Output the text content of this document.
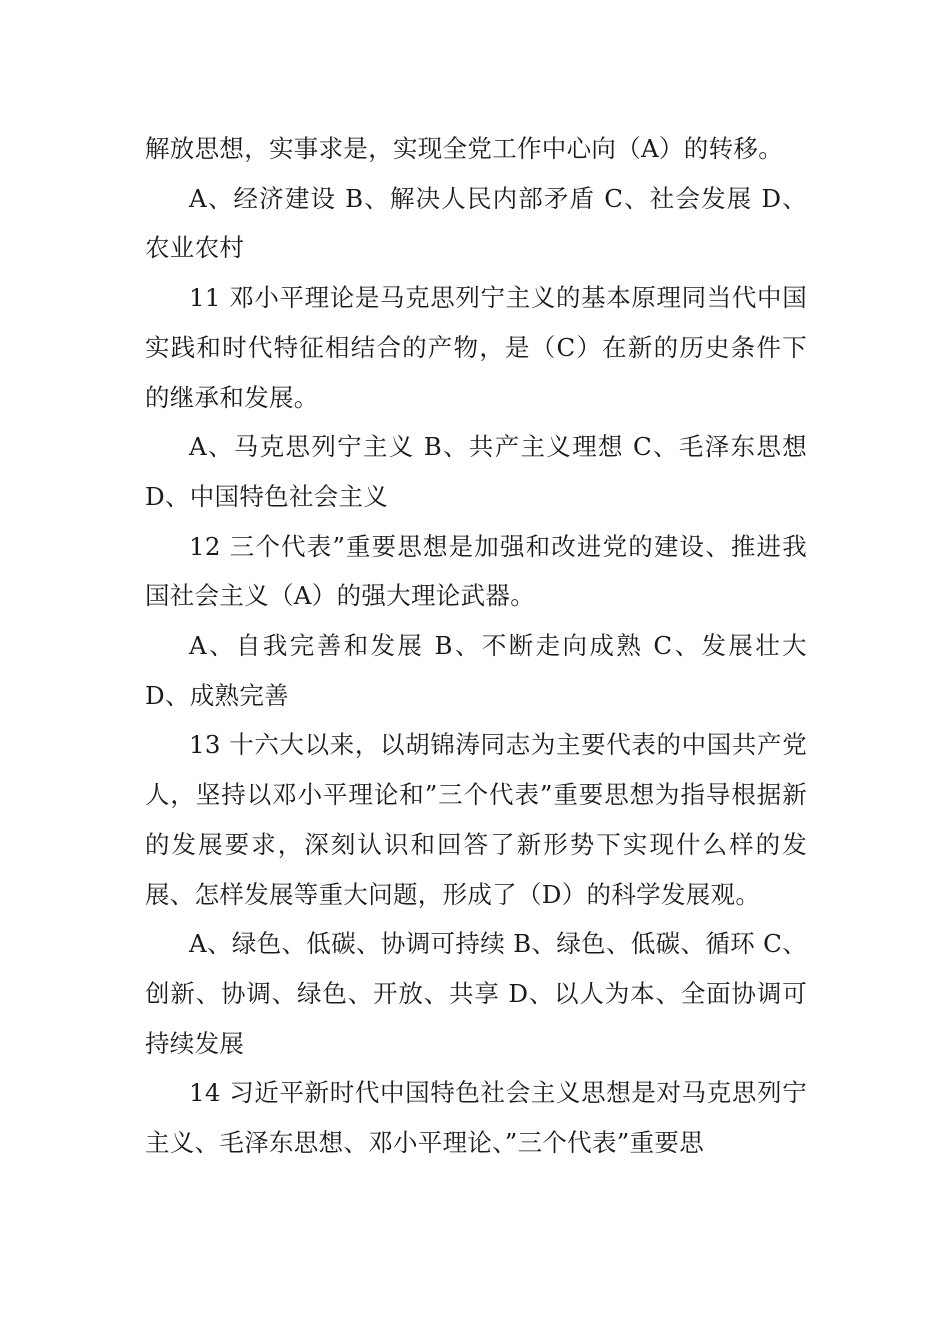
解放思想，实事求是，实现全党工作中心向（A）的转移。

A、经济建设 B、解决人民内部矛盾 C、社会发展 D、农业农村

11 邓小平理论是马克思列宁主义的基本原理同当代中国实践和时代特征相结合的产物，是（C）在新的历史条件下的继承和发展。

A、马克思列宁主义 B、共产主义理想 C、毛泽东思想 D、中国特色社会主义

12 三个代表”重要思想是加强和改进党的建设、推进我国社会主义（A）的强大理论武器。

A、自我完善和发展 B、不断走向成熟 C、发展壮大 D、成熟完善

13 十六大以来，以胡锦涛同志为主要代表的中国共产党人，坚持以邓小平理论和”三个代表”重要思想为指导根据新的发展要求，深刻认识和回答了新形势下实现什么样的发展、怎样发展等重大问题，形成了（D）的科学发展观。

A、绿色、低碳、协调可持续 B、绿色、低碳、循环 C、创新、协调、绿色、开放、共享 D、以人为本、全面协调可持续发展

14 习近平新时代中国特色社会主义思想是对马克思列宁主义、毛泽东思想、邓小平理论、”三个代表”重要思
